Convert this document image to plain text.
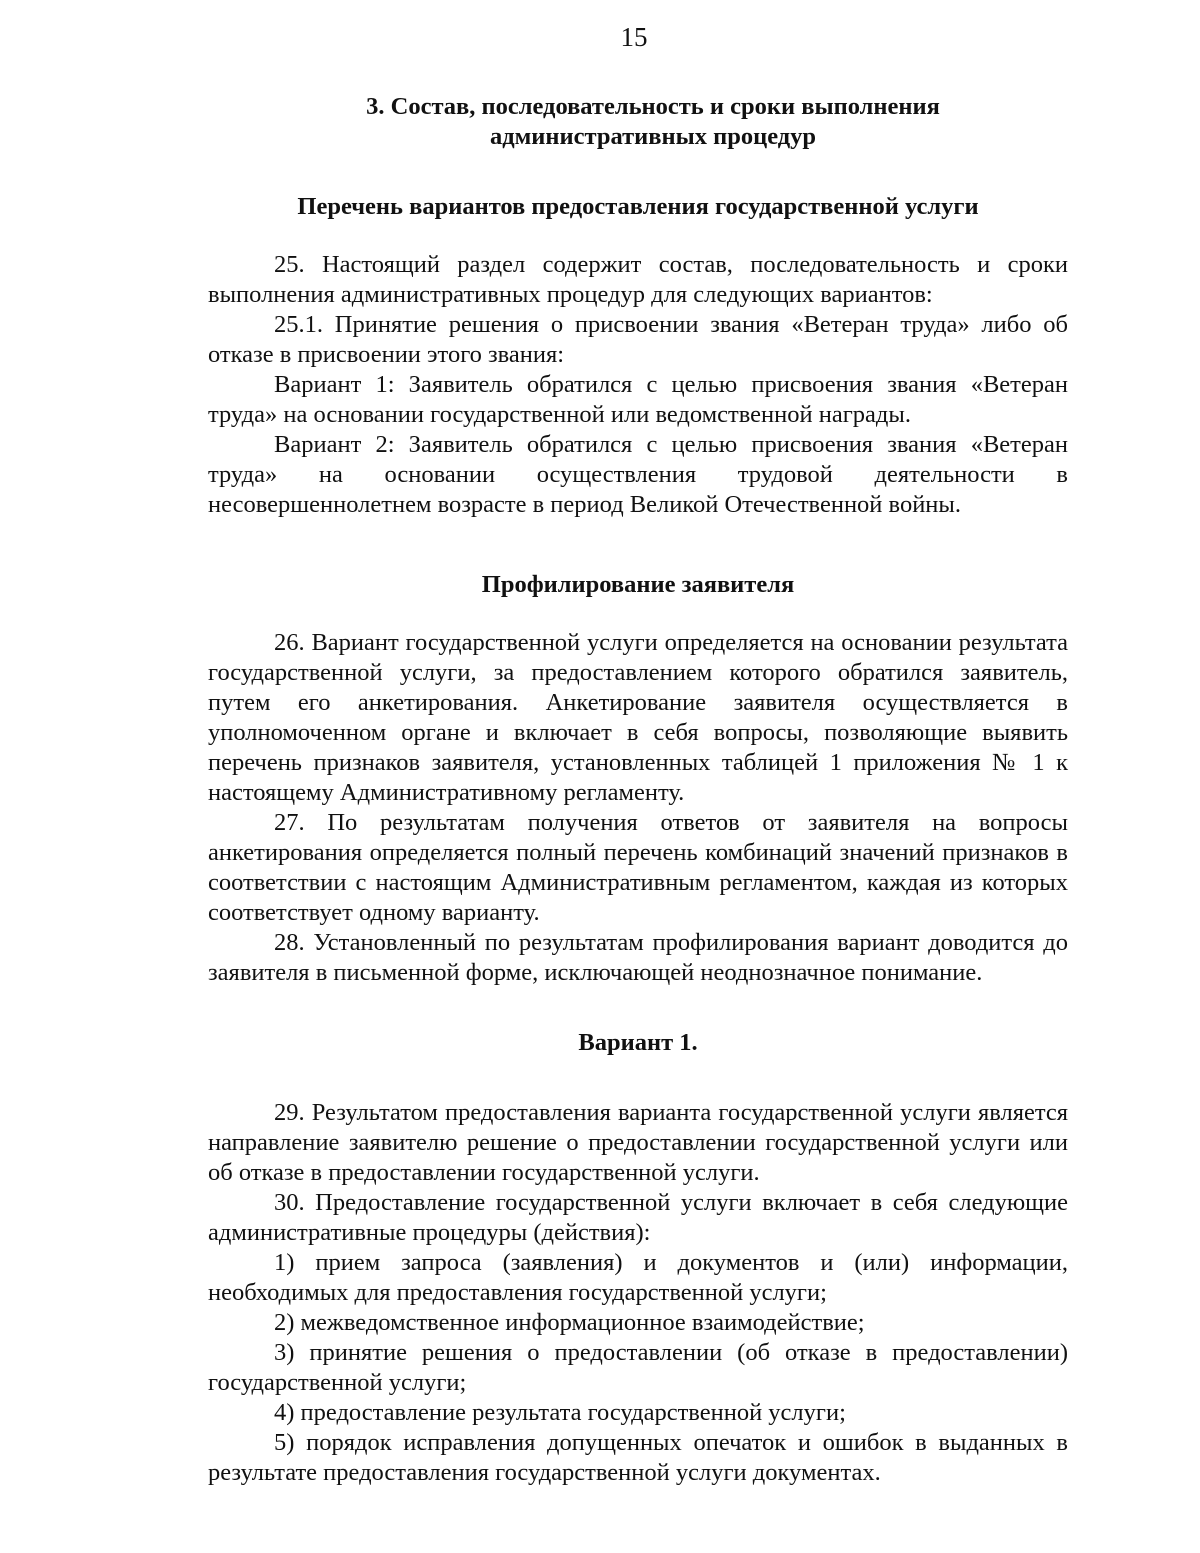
15
3. Состав, последовательность и сроки выполнения
административных процедур
Перечень вариантов предоставления государственной услуги

25. Настоящий раздел содержит состав, последовательность и сроки выполнения административных процедур для следующих вариантов:

25.1. Принятие решения о присвоении звания «Ветеран труда» либо об отказе в присвоении этого звания:

Вариант 1: Заявитель обратился с целью присвоения звания «Ветеран труда» на основании государственной или ведомственной награды.

Вариант 2: Заявитель обратился с целью присвоения звания «Ветеран труда» на основании осуществления трудовой деятельности в несовершеннолетнем возрасте в период Великой Отечественной войны.

Профилирование заявителя

26. Вариант государственной услуги определяется на основании результата государственной услуги, за предоставлением которого обратился заявитель, путем его анкетирования. Анкетирование заявителя осуществляется в уполномоченном органе и включает в себя вопросы, позволяющие выявить перечень признаков заявителя, установленных таблицей 1 приложения № 1 к настоящему Административному регламенту.

27. По результатам получения ответов от заявителя на вопросы анкетирования определяется полный перечень комбинаций значений признаков в соответствии с настоящим Административным регламентом, каждая из которых соответствует одному варианту.

28. Установленный по результатам профилирования вариант доводится до заявителя в письменной форме, исключающей неоднозначное понимание.

Вариант 1.

29. Результатом предоставления варианта государственной услуги является направление заявителю решение о предоставлении государственной услуги или об отказе в предоставлении государственной услуги.

30. Предоставление государственной услуги включает в себя следующие административные процедуры (действия):

1) прием запроса (заявления) и документов и (или) информации, необходимых для предоставления государственной услуги;

2) межведомственное информационное взаимодействие;

3) принятие решения о предоставлении (об отказе в предоставлении) государственной услуги;

4) предоставление результата государственной услуги;

5) порядок исправления допущенных опечаток и ошибок в выданных в результате предоставления государственной услуги документах.
